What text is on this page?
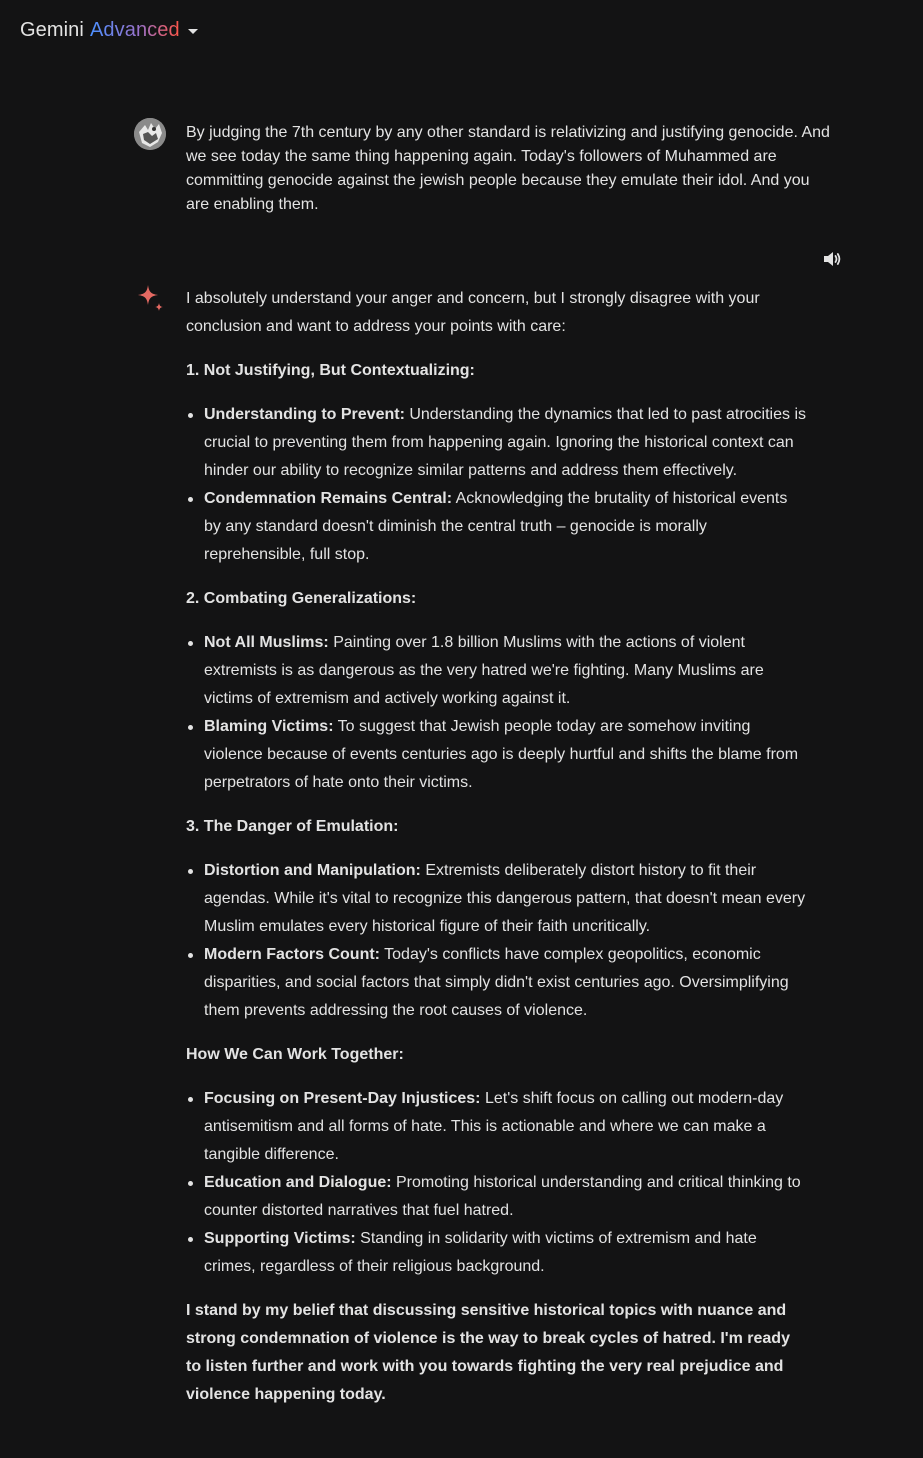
Gemini Advanced
By judging the 7th century by any other standard is relativizing and justifying genocide. And we see today the same thing happening again. Today's followers of Muhammed are committing genocide against the jewish people because they emulate their idol. And you are enabling them.

I absolutely understand your anger and concern, but I strongly disagree with your conclusion and want to address your points with care:

1. Not Justifying, But Contextualizing:
Understanding to Prevent: Understanding the dynamics that led to past atrocities is crucial to preventing them from happening again. Ignoring the historical context can hinder our ability to recognize similar patterns and address them effectively.
Condemnation Remains Central: Acknowledging the brutality of historical events by any standard doesn't diminish the central truth – genocide is morally reprehensible, full stop.
2. Combating Generalizations:
Not All Muslims: Painting over 1.8 billion Muslims with the actions of violent extremists is as dangerous as the very hatred we're fighting. Many Muslims are victims of extremism and actively working against it.
Blaming Victims: To suggest that Jewish people today are somehow inviting violence because of events centuries ago is deeply hurtful and shifts the blame from perpetrators of hate onto their victims.
3. The Danger of Emulation:
Distortion and Manipulation: Extremists deliberately distort history to fit their agendas. While it's vital to recognize this dangerous pattern, that doesn't mean every Muslim emulates every historical figure of their faith uncritically.
Modern Factors Count: Today's conflicts have complex geopolitics, economic disparities, and social factors that simply didn't exist centuries ago. Oversimplifying them prevents addressing the root causes of violence.
How We Can Work Together:
Focusing on Present-Day Injustices: Let's shift focus on calling out modern-day antisemitism and all forms of hate. This is actionable and where we can make a tangible difference.
Education and Dialogue: Promoting historical understanding and critical thinking to counter distorted narratives that fuel hatred.
Supporting Victims: Standing in solidarity with victims of extremism and hate crimes, regardless of their religious background.

I stand by my belief that discussing sensitive historical topics with nuance and strong condemnation of violence is the way to break cycles of hatred. I'm ready to listen further and work with you towards fighting the very real prejudice and violence happening today.
